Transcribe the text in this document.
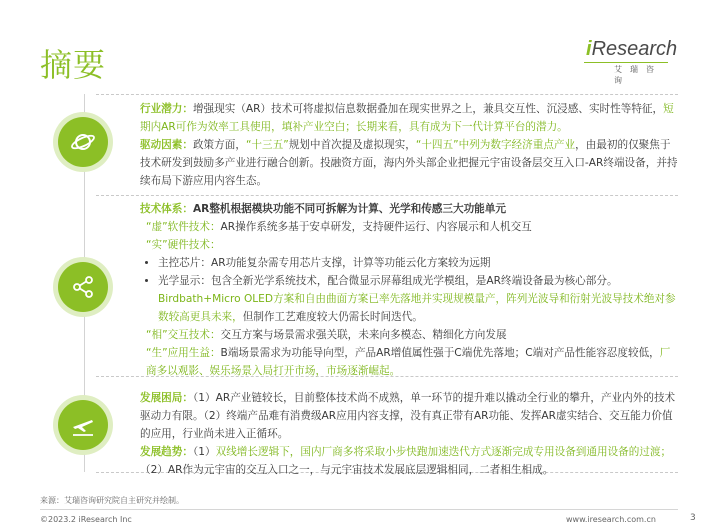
摘要	iResearch
艾瑞咨询

行业潜力：增强现实（AR）技术可将虚拟信息数据叠加在现实世界之上，兼具交互性、沉浸感、实时性等特征，短期内AR可作为效率工具使用，填补产业空白；长期来看，具有成为下一代计算平台的潜力。

驱动因素：政策方面，“十三五”规划中首次提及虚拟现实，“十四五”中列为数字经济重点产业，由最初的仅聚焦于技术研发到鼓励多产业进行融合创新。投融资方面，海内外头部企业把握元宇宙设备层交互入口-AR终端设备，并持续布局下游应用内容生态。

技术体系：AR整机根据模块功能不同可拆解为计算、光学和传感三大功能单元

“虚”软件技术：AR操作系统多基于安卓研发，支持硬件运行、内容展示和人机交互

“实”硬件技术：

• 主控芯片：AR功能复杂需专用芯片支撑，计算等功能云化方案较为远期
• 光学显示：包含全新光学系统技术，配合微显示屏幕组成光学模组，是AR终端设备最为核心部分。Birdbath+Micro OLED方案和自由曲面方案已率先落地并实现规模量产，阵列光波导和衍射光波导技术绝对参数较高更具未来，但制作工艺难度较大仍需长时间迭代。

“相”交互技术：交互方案与场景需求强关联，未来向多模态、精细化方向发展

“生”应用生益：B端场景需求为功能导向型，产品AR增值属性强于C端优先落地；C端对产品性能容忍度较低，厂商多以观影、娱乐场景入局打开市场，市场逐渐崛起。

发展困局：（1）AR产业链较长，目前整体技术尚不成熟，单一环节的提升难以撬动全行业的攀升，产业内外的技术驱动力有限。（2）终端产品难有消费级AR应用内容支撑，没有真正带有AR功能、发挥AR虚实结合、交互能力价值的应用，行业尚未进入正循环。

发展趋势：（1）双线增长逻辑下，国内厂商多将采取小步快跑加速迭代方式逐渐完成专用设备到通用设备的过渡；（2）AR作为元宇宙的交互入口之一，与元宇宙技术发展底层逻辑相同，二者相生相成。

来源：艾瑞咨询研究院自主研究并绘制。
©2023.2 iResearch Inc	www.iresearch.com.cn	3
